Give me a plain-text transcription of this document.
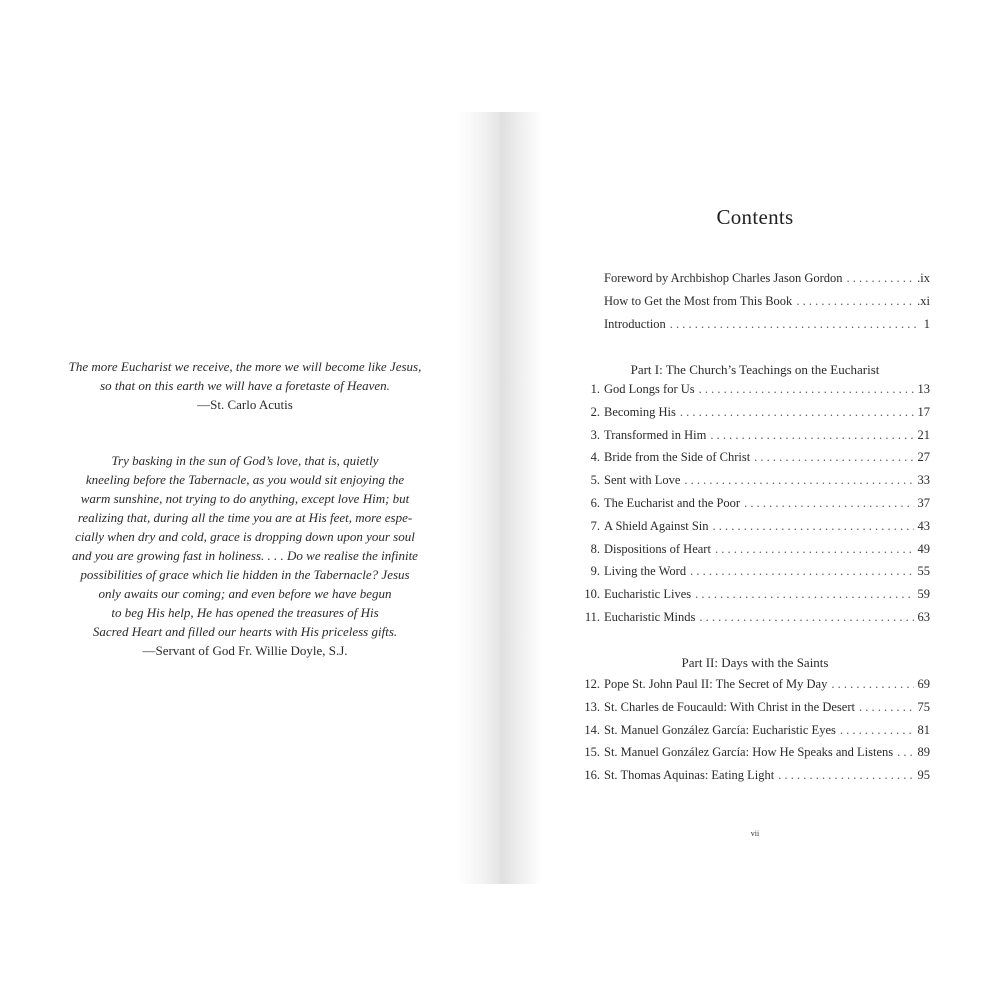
The more Eucharist we receive, the more we will become like Jesus,

so that on this earth we will have a foretaste of Heaven.

—St. Carlo Acutis

Try basking in the sun of God’s love, that is, quietly

kneeling before the Tabernacle, as you would sit enjoying the

warm sunshine, not trying to do anything, except love Him; but

realizing that, during all the time you are at His feet, more espe-

cially when dry and cold, grace is dropping down upon your soul

and you are growing fast in holiness. . . . Do we realise the infinite

possibilities of grace which lie hidden in the Tabernacle? Jesus

only awaits our coming; and even before we have begun

to beg His help, He has opened the treasures of His

Sacred Heart and filled our hearts with His priceless gifts.

—Servant of God Fr. Willie Doyle, S.J.

Contents
Foreword by Archbishop Charles Jason Gordon . . .	.ix
How to Get the Most from This Book . . .	.xi
Introduction . . .	1
Part I: The Church’s Teachings on the Eucharist
1. God Longs for Us . . .	13
2. Becoming His . . .	17
3. Transformed in Him . . .	21
4. Bride from the Side of Christ . . .	27
5. Sent with Love . . .	33
6. The Eucharist and the Poor . . .	37
7. A Shield Against Sin . . .	43
8. Dispositions of Heart . . .	49
9. Living the Word . . .	55
10. Eucharistic Lives . . .	59
11. Eucharistic Minds . . .	63
Part II: Days with the Saints
12. Pope St. John Paul II: The Secret of My Day . . .	69
13. St. Charles de Foucauld: With Christ in the Desert . . .	75
14. St. Manuel González García: Eucharistic Eyes . . .	81
15. St. Manuel González García: How He Speaks and Listens . . . 89
16. St. Thomas Aquinas: Eating Light . . .	95
vii
